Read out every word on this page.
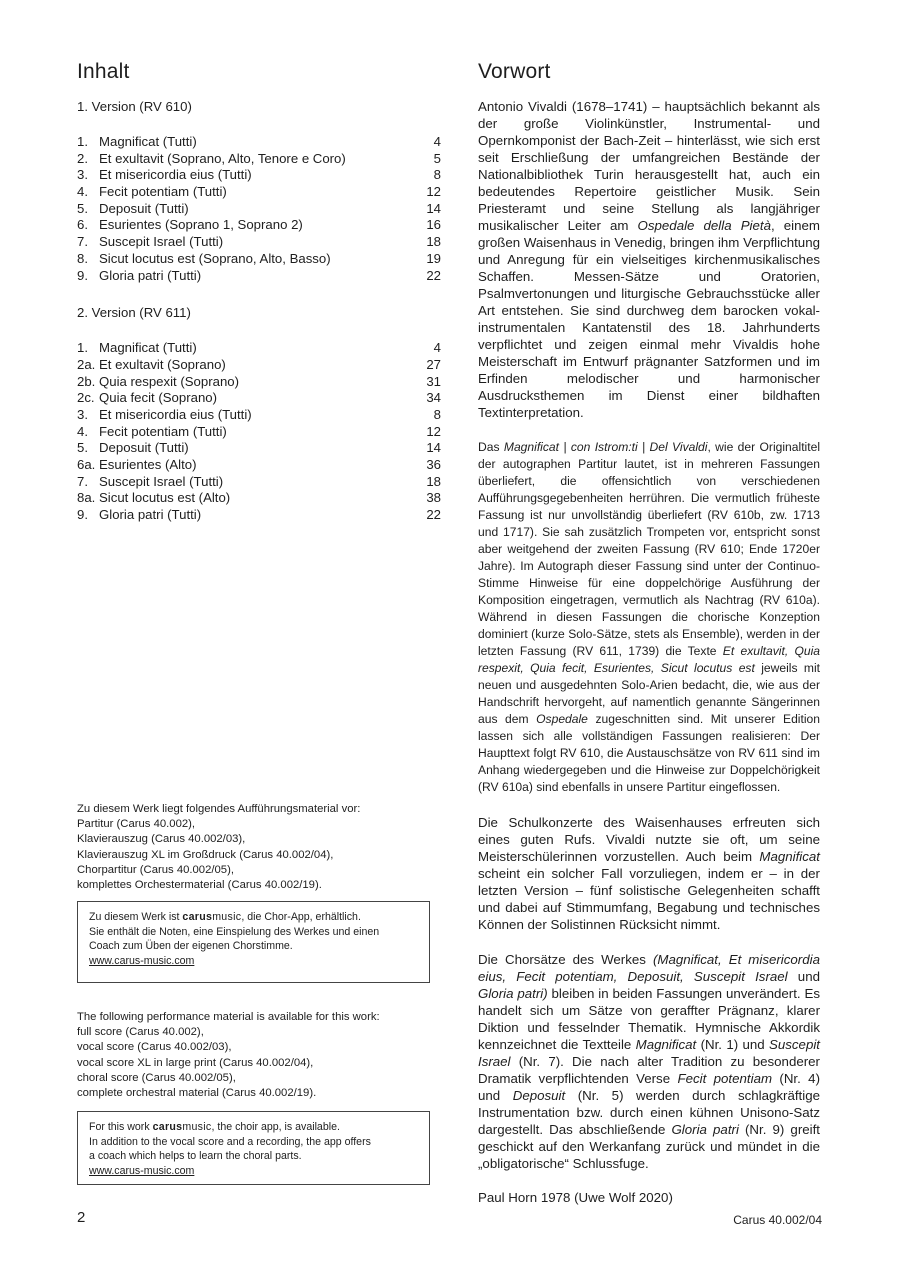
Inhalt

1. Version (RV 610)

1. Magnificat (Tutti)	4
2. Et exultavit (Soprano, Alto, Tenore e Coro)	5
3. Et misericordia eius (Tutti)	8
4. Fecit potentiam (Tutti)	12
5. Deposuit (Tutti)	14
6. Esurientes (Soprano 1, Soprano 2)	16
7. Suscepit Israel (Tutti)	18
8. Sicut locutus est (Soprano, Alto, Basso)	19
9. Gloria patri (Tutti)	22

2. Version (RV 611)

1. Magnificat (Tutti)	4
2a. Et exultavit (Soprano)	27
2b. Quia respexit (Soprano)	31
2c. Quia fecit (Soprano)	34
3. Et misericordia eius (Tutti)	8
4. Fecit potentiam (Tutti)	12
5. Deposuit (Tutti)	14
6a. Esurientes (Alto)	36
7. Suscepit Israel (Tutti)	18
8a. Sicut locutus est (Alto)	38
9. Gloria patri (Tutti)	22

Zu diesem Werk liegt folgendes Aufführungsmaterial vor:

Partitur (Carus 40.002),

Klavierauszug (Carus 40.002/03),

Klavierauszug XL im Großdruck (Carus 40.002/04),

Chorpartitur (Carus 40.002/05),

komplettes Orchestermaterial (Carus 40.002/19).

Zu diesem Werk ist carusmusic, die Chor-App, erhältlich.

Sie enthält die Noten, eine Einspielung des Werkes und einen

Coach zum Üben der eigenen Chorstimme.

www.carus-music.com

The following performance material is available for this work:

full score (Carus 40.002),

vocal score (Carus 40.002/03),

vocal score XL in large print (Carus 40.002/04),

choral score (Carus 40.002/05),

complete orchestral material (Carus 40.002/19).

For this work carusmusic, the choir app, is available.

In addition to the vocal score and a recording, the app offers

a coach which helps to learn the choral parts.

www.carus-music.com

Vorwort

Antonio Vivaldi (1678–1741) – hauptsächlich bekannt als der große Violinkünstler, Instrumental- und Opernkomponist der Bach-Zeit – hinterlässt, wie sich erst seit Erschließung der umfangreichen Bestände der Nationalbibliothek Turin herausgestellt hat, auch ein bedeutendes Repertoire geistlicher Musik. Sein Priesteramt und seine Stellung als langjähriger musikalischer Leiter am Ospedale della Pietà, einem großen Waisenhaus in Venedig, bringen ihm Verpflichtung und Anregung für ein vielseitiges kirchenmusikalisches Schaffen. Messen-Sätze und Oratorien, Psalmvertonungen und liturgische Gebrauchsstücke aller Art entstehen. Sie sind durchweg dem barocken vokal-instrumentalen Kantatenstil des 18. Jahrhunderts verpflichtet und zeigen einmal mehr Vivaldis hohe Meisterschaft im Entwurf prägnanter Satzformen und im Erfinden melodischer und harmonischer Ausdrucksthemen im Dienst einer bildhaften Textinterpretation.

Das Magnificat | con Istrom:ti | Del Vivaldi, wie der Originaltitel der autographen Partitur lautet, ist in mehreren Fassungen überliefert, die offensichtlich von verschiedenen Aufführungsgegebenheiten herrühren. Die vermutlich früheste Fassung ist nur unvollständig überliefert (RV 610b, zw. 1713 und 1717). Sie sah zusätzlich Trompeten vor, entspricht sonst aber weitgehend der zweiten Fassung (RV 610; Ende 1720er Jahre). Im Autograph dieser Fassung sind unter der Continuo-Stimme Hinweise für eine doppelchörige Ausführung der Komposition eingetragen, vermutlich als Nachtrag (RV 610a). Während in diesen Fassungen die chorische Konzeption dominiert (kurze Solo-Sätze, stets als Ensemble), werden in der letzten Fassung (RV 611, 1739) die Texte Et exultavit, Quia respexit, Quia fecit, Esurientes, Sicut locutus est jeweils mit neuen und ausgedehnten Solo-Arien bedacht, die, wie aus der Handschrift hervorgeht, auf namentlich genannte Sängerinnen aus dem Ospedale zugeschnitten sind. Mit unserer Edition lassen sich alle vollständigen Fassungen realisieren: Der Haupttext folgt RV 610, die Austauschsätze von RV 611 sind im Anhang wiedergegeben und die Hinweise zur Doppelchörigkeit (RV 610a) sind ebenfalls in unsere Partitur eingeflossen.

Die Schulkonzerte des Waisenhauses erfreuten sich eines guten Rufs. Vivaldi nutzte sie oft, um seine Meisterschülerinnen vorzustellen. Auch beim Magnificat scheint ein solcher Fall vorzuliegen, indem er – in der letzten Version – fünf solistische Gelegenheiten schafft und dabei auf Stimmumfang, Begabung und technisches Können der Solistinnen Rücksicht nimmt.

Die Chorsätze des Werkes (Magnificat, Et misericordia eius, Fecit potentiam, Deposuit, Suscepit Israel und Gloria patri) bleiben in beiden Fassungen unverändert. Es handelt sich um Sätze von geraffter Prägnanz, klarer Diktion und fesselnder Thematik. Hymnische Akkordik kennzeichnet die Textteile Magnificat (Nr. 1) und Suscepit Israel (Nr. 7). Die nach alter Tradition zu besonderer Dramatik verpflichtenden Verse Fecit potentiam (Nr. 4) und Deposuit (Nr. 5) werden durch schlagkräftige Instrumentation bzw. durch einen kühnen Unisono-Satz dargestellt. Das abschließende Gloria patri (Nr. 9) greift geschickt auf den Werkanfang zurück und mündet in die „obligatorische“ Schlussfuge.

Paul Horn 1978 (Uwe Wolf 2020)

2	Carus 40.002/04
